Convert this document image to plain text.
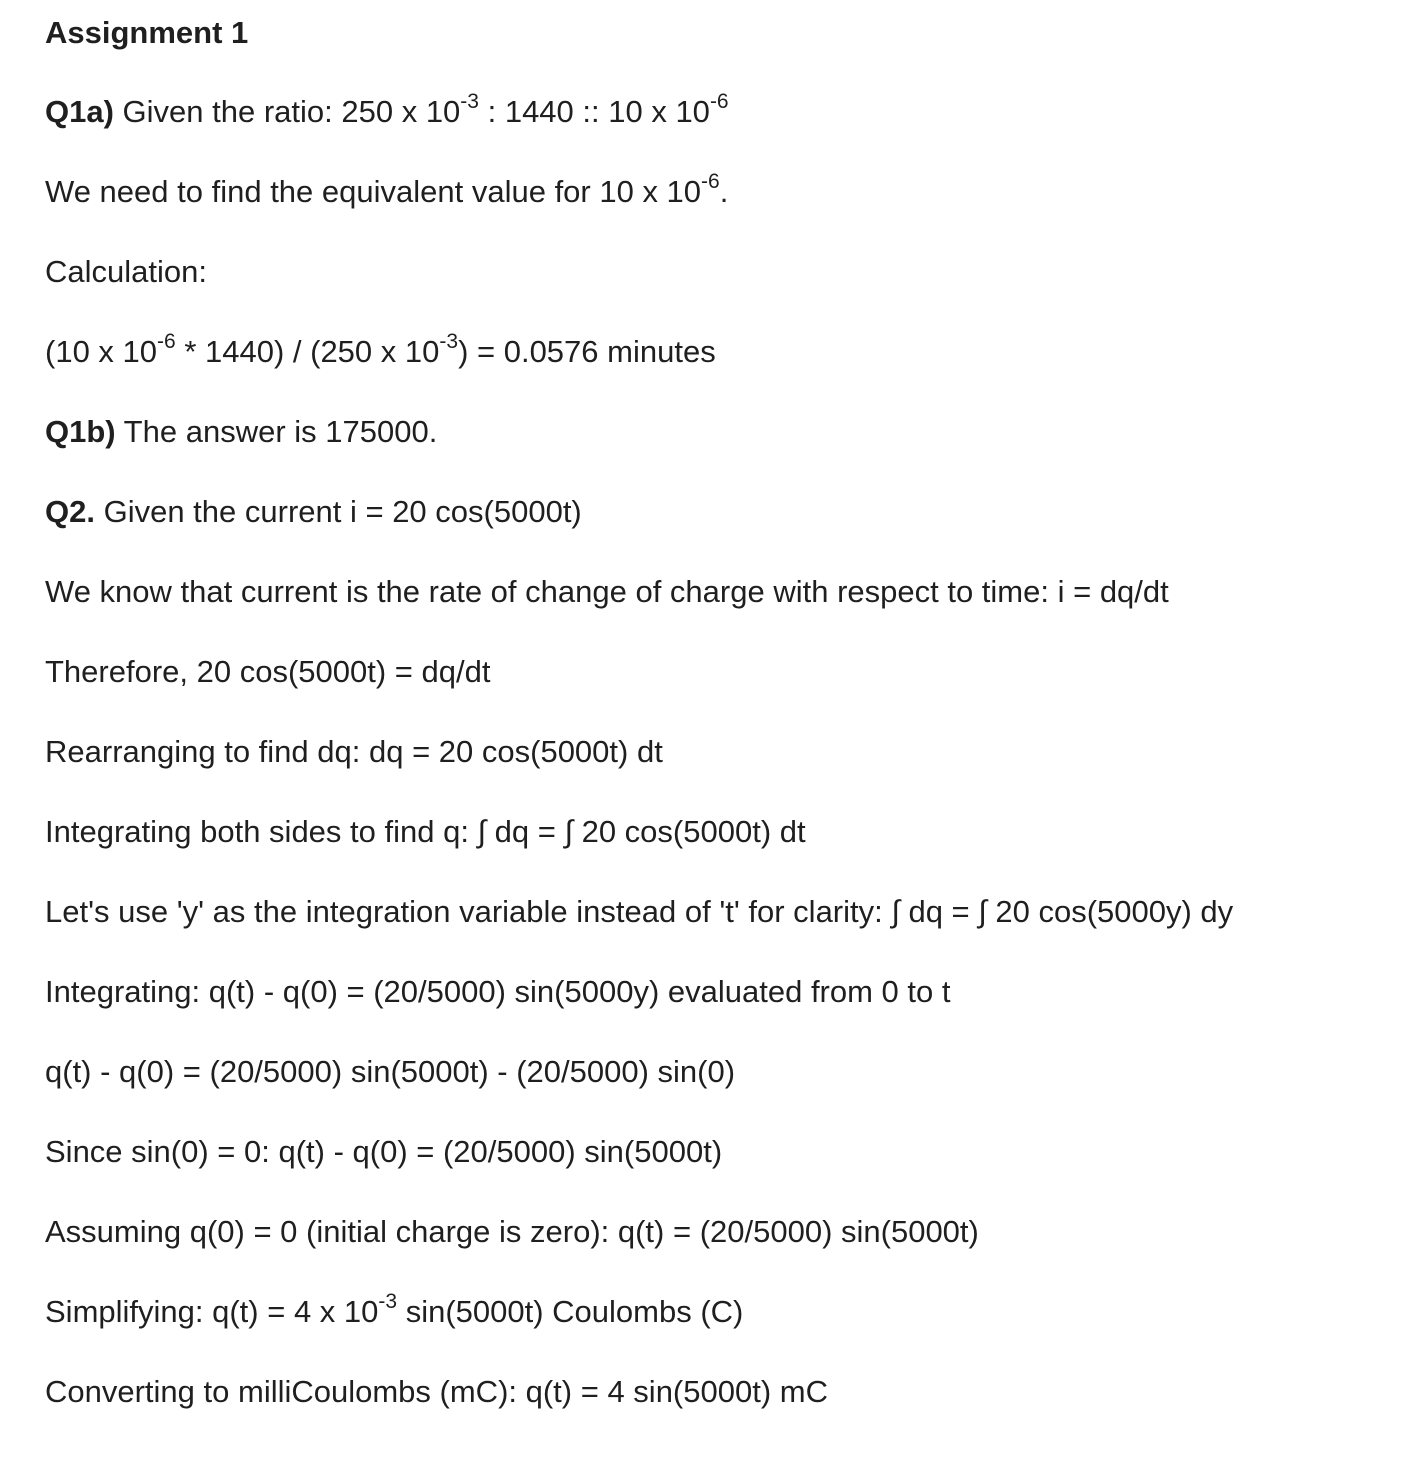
Assignment 1

Q1a) Given the ratio: 250 x $10^{-3}$ : 1440 :: 10 x $10^{-6}$

We need to find the equivalent value for 10 x $10^{-6}$.

Calculation:

(10 x $10^{-6} * 1440) / (250$ x $10^{-3}) = 0.0576$ minutes

Q1b) The answer is 175000.

Q2. Given the current i = 20 cos(5000t)

We know that current is the rate of change of charge with respect to time: i = dq/dt

Therefore, 20 cos(5000t) = dq/dt

Rearranging to find dq: dq = 20 cos(5000t) dt

Integrating both sides to find q: ∫ dq = ∫ 20 cos(5000t) dt

Let's use 'y' as the integration variable instead of 't' for clarity: ∫ dq = ∫ 20 cos(5000y) dy

Integrating: q(t) - q(0) = (20/5000) sin(5000y) evaluated from 0 to t

q(t) - q(0) = (20/5000) sin(5000t) - (20/5000) sin(0)

Since sin(0) = 0: q(t) - q(0) = (20/5000) sin(5000t)

Assuming q(0) = 0 (initial charge is zero): q(t) = (20/5000) sin(5000t)

Simplifying: q(t) = 4 x $10^{-3}$ sin(5000t) Coulombs (C)

Converting to milliCoulombs (mC): q(t) = 4 sin(5000t) mC
